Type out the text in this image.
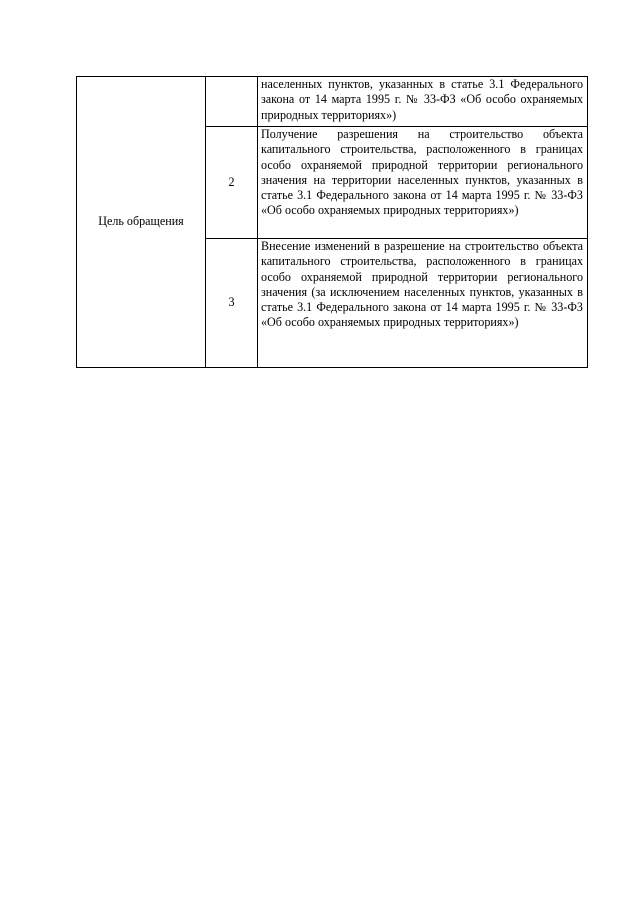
Цель обращения		населенных пунктов, указанных в статье 3.1 Федерального закона от 14 марта 1995 г. № 33-ФЗ «Об особо охраняемых природных территориях»)
	2	Получение разрешения на строительство объекта капитального строительства, расположенного в границах особо охраняемой природной территории регионального значения на территории населенных пунктов, указанных в статье 3.1 Федерального закона от 14 марта 1995 г. № 33-ФЗ «Об особо охраняемых природных территориях»)
	3	Внесение изменений в разрешение на строительство объекта капитального строительства, расположенного в границах особо охраняемой природной территории регионального значения (за исключением населенных пунктов, указанных в статье 3.1 Федерального закона от 14 марта 1995 г. № 33-ФЗ «Об особо охраняемых природных территориях»)
